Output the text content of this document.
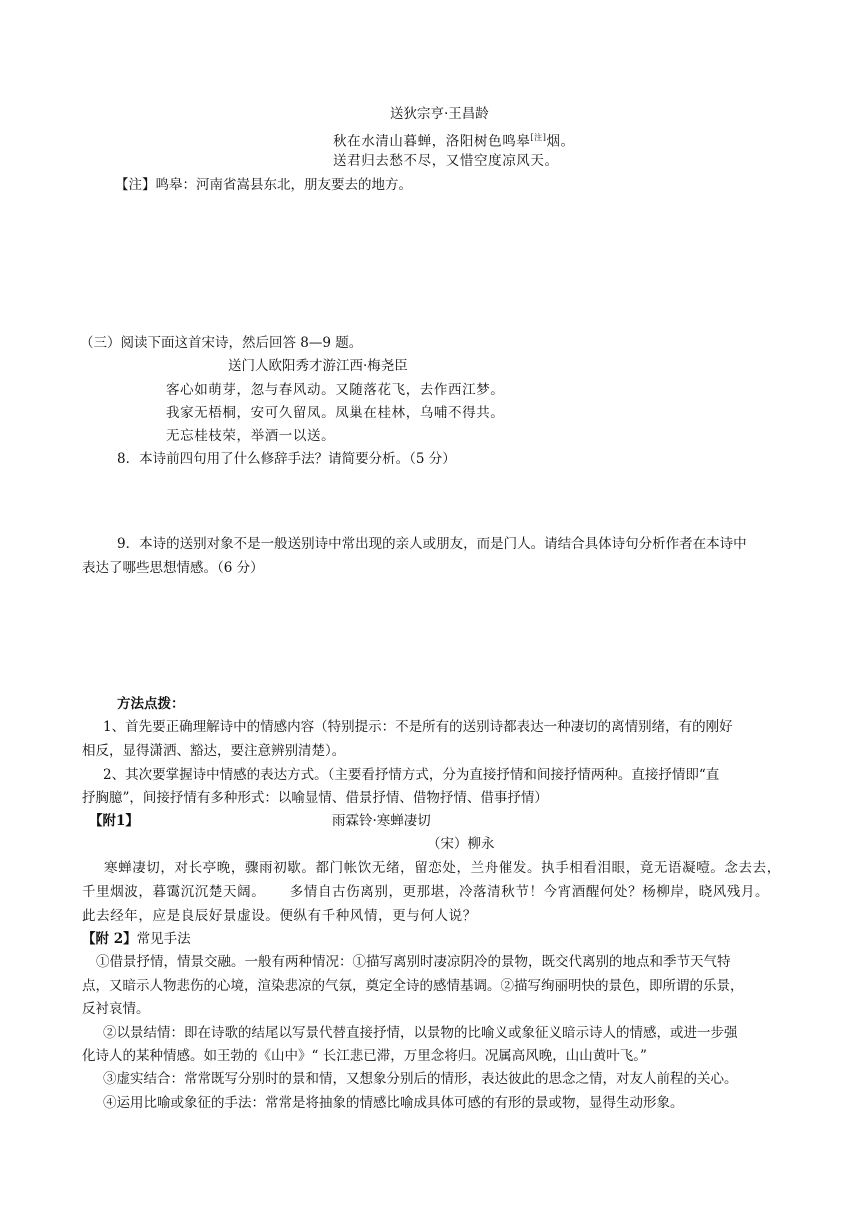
送狄宗亨·王昌龄
秋在水清山暮蝉，洛阳树色鸣皋[注]烟。
送君归去愁不尽，又惜空度凉风天。
【注】鸣皋：河南省嵩县东北，朋友要去的地方。
（三）阅读下面这首宋诗，然后回答 8—9 题。
送门人欧阳秀才游江西·梅尧臣
客心如萌芽，忽与春风动。又随落花飞，去作西江梦。
我家无梧桐，安可久留凤。凤巢在桂林，乌哺不得共。
无忘桂枝荣，举酒一以送。
8．本诗前四句用了什么修辞手法？请简要分析。（5 分）
9．本诗的送别对象不是一般送别诗中常出现的亲人或朋友，而是门人。请结合具体诗句分析作者在本诗中
表达了哪些思想情感。（6 分）
方法点拨：
1、首先要正确理解诗中的情感内容（特别提示：不是所有的送别诗都表达一种凄切的离情别绪，有的刚好
相反，显得潇洒、豁达，要注意辨别清楚）。
2、其次要掌握诗中情感的表达方式。（主要看抒情方式，分为直接抒情和间接抒情两种。直接抒情即“直
抒胸臆”，间接抒情有多种形式：以喻显情、借景抒情、借物抒情、借事抒情）
【附1】	雨霖铃·寒蝉凄切
（宋）柳永
寒蝉凄切，对长亭晚，骤雨初歇。都门帐饮无绪，留恋处，兰舟催发。执手相看泪眼，竟无语凝噎。念去去，
千里烟波，暮霭沉沉楚天阔。     多情自古伤离别，更那堪，冷落清秋节！今宵酒醒何处？杨柳岸，晓风残月。
此去经年，应是良辰好景虚设。便纵有千种风情，更与何人说？
【附 2】常见手法
①借景抒情，情景交融。一般有两种情况：①描写离别时凄凉阴冷的景物，既交代离别的地点和季节天气特
点，又暗示人物悲伤的心境，渲染悲凉的气氛，奠定全诗的感情基调。②描写绚丽明快的景色，即所谓的乐景，
反衬哀情。
②以景结情：即在诗歌的结尾以写景代替直接抒情，以景物的比喻义或象征义暗示诗人的情感，或进一步强
化诗人的某种情感。如王勃的《山中》“ 长江悲已滞，万里念将归。况属高风晚，山山黄叶飞。”
③虚实结合：常常既写分别时的景和情，又想象分别后的情形，表达彼此的思念之情，对友人前程的关心。
④运用比喻或象征的手法：常常是将抽象的情感比喻成具体可感的有形的景或物，显得生动形象。
